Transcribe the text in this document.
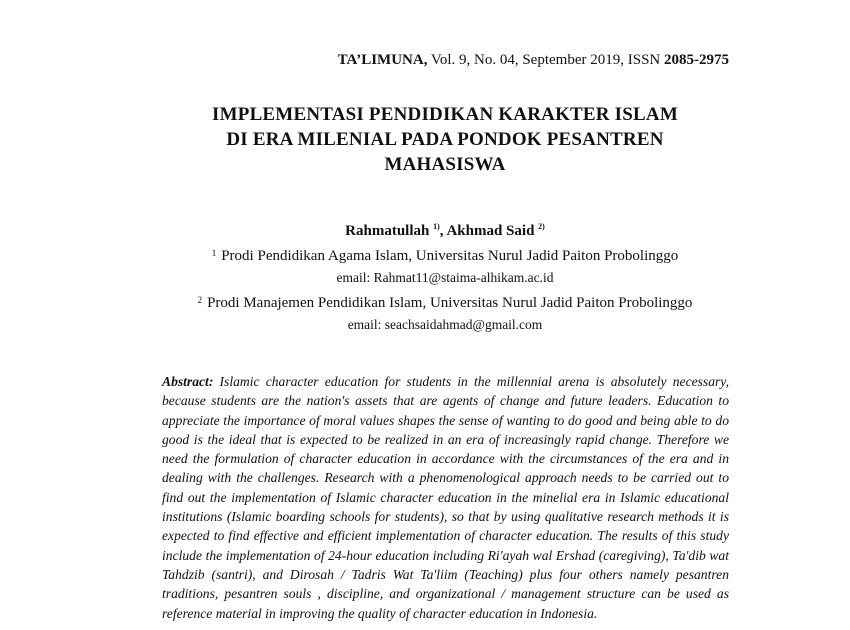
TA’LIMUNA, Vol. 9, No. 04, September 2019, ISSN 2085-2975
IMPLEMENTASI PENDIDIKAN KARAKTER ISLAM
DI ERA MILENIAL PADA PONDOK PESANTREN
MAHASISWA
Rahmatullah $^{1)}$, Akhmad Said $^{2)}$
$^1$ Prodi Pendidikan Agama Islam, Universitas Nurul Jadid Paiton Probolinggo
email: Rahmat11@staima-alhikam.ac.id
$^2$ Prodi Manajemen Pendidikan Islam, Universitas Nurul Jadid Paiton Probolinggo
email: seachsaidahmad@gmail.com
Abstract: Islamic character education for students in the millennial arena is absolutely necessary, because students are the nation's assets that are agents of change and future leaders. Education to appreciate the importance of moral values shapes the sense of wanting to do good and being able to do good is the ideal that is expected to be realized in an era of increasingly rapid change. Therefore we need the formulation of character education in accordance with the circumstances of the era and in dealing with the challenges. Research with a phenomenological approach needs to be carried out to find out the implementation of Islamic character education in the minelial era in Islamic educational institutions (Islamic boarding schools for students), so that by using qualitative research methods it is expected to find effective and efficient implementation of character education. The results of this study include the implementation of 24-hour education including Ri'ayah wal Ershad (caregiving), Ta'dib wat Tahdzib (santri), and Dirosah / Tadris Wat Ta'liim (Teaching) plus four others namely pesantren traditions, pesantren souls , discipline, and organizational / management structure can be used as reference material in improving the quality of character education in Indonesia.
